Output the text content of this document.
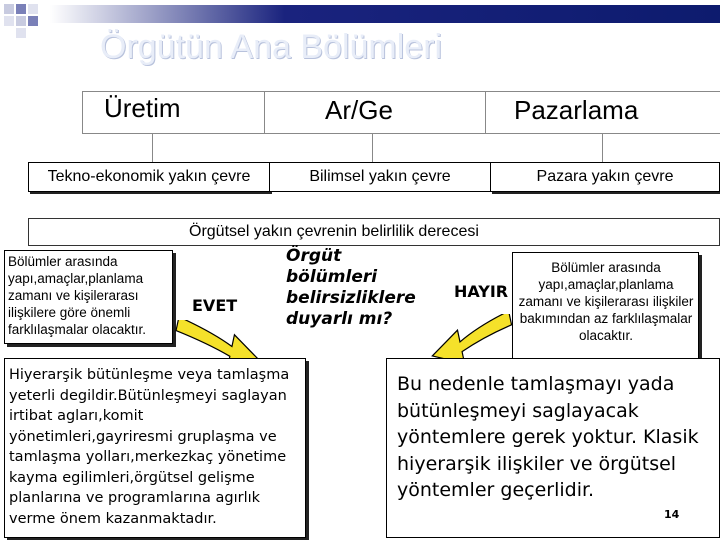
Örgütün Ana Bölümleri
Üretim	Ar/Ge	Pazarlama
Tekno-ekonomik yakın çevre	Bilimsel yakın çevre	Pazara yakın çevre
Örgütsel yakın çevrenin belirlilik derecesi
Bölümler arasında yapı,amaçlar,planlama zamanı ve kişilerarası ilişkilere göre önemli farklılaşmalar olacaktır.
EVET
Örgüt bölümleri belirsizliklere duyarlı mı?
HAYIR
Bölümler arasında yapı,amaçlar,planlama zamanı ve kişilerarası ilişkiler bakımından az farklılaşmalar olacaktır.
Hiyerarşik bütünleşme veya tamlaşma yeterli degildir.Bütünleşmeyi saglayan irtibat agları,komit yönetimleri,gayriresmi gruplaşma ve tamlaşma yolları,merkezkaç yönetime kayma egilimleri,örgütsel gelişme planlarına ve programlarına agırlık verme önem kazanmaktadır.
Bu nedenle tamlaşmayı yada bütünleşmeyi saglayacak yöntemlere gerek yoktur. Klasik hiyerarşik ilişkiler ve örgütsel yöntemler geçerlidir.
14
